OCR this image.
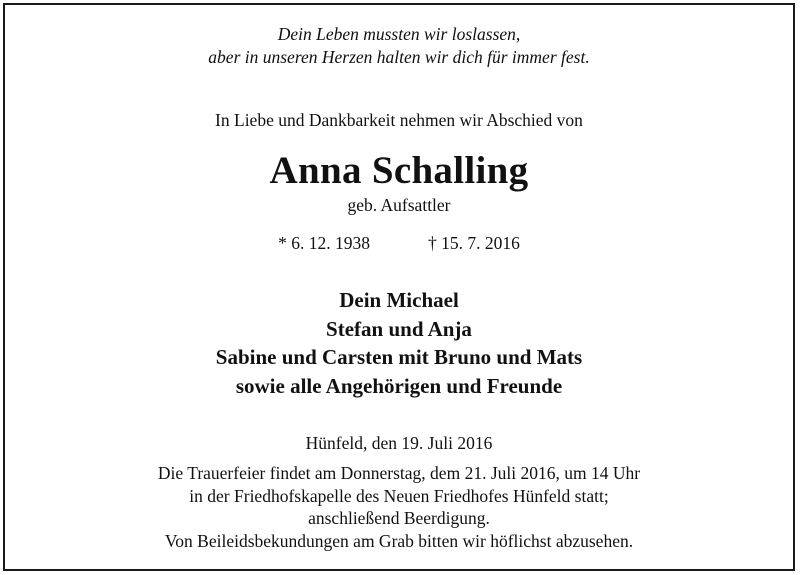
Dein Leben mussten wir loslassen,
aber in unseren Herzen halten wir dich für immer fest.
In Liebe und Dankbarkeit nehmen wir Abschied von
Anna Schalling
geb. Aufsattler
* 6. 12. 1938	† 15. 7. 2016
Dein Michael
Stefan und Anja
Sabine und Carsten mit Bruno und Mats
sowie alle Angehörigen und Freunde
Hünfeld, den 19. Juli 2016
Die Trauerfeier findet am Donnerstag, dem 21. Juli 2016, um 14 Uhr
in der Friedhofskapelle des Neuen Friedhofes Hünfeld statt;
anschließend Beerdigung.
Von Beileidsbekundungen am Grab bitten wir höflichst abzusehen.
